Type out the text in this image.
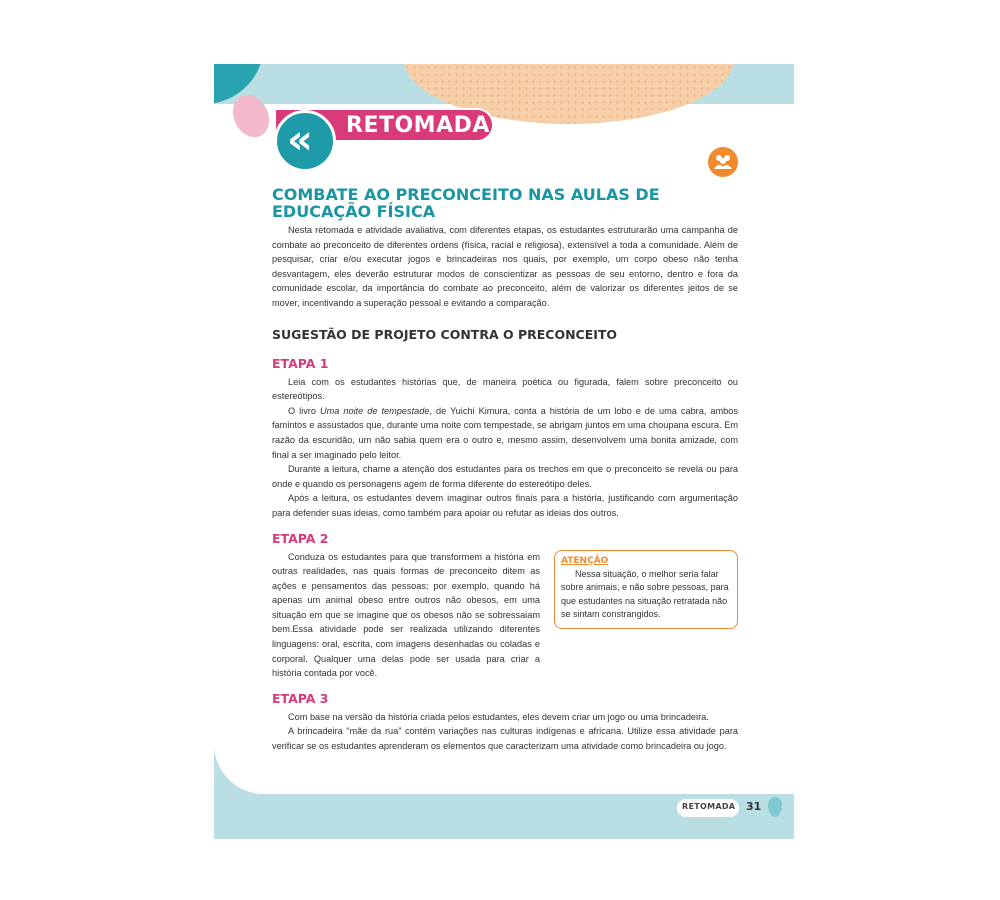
RETOMADA
«
COMBATE AO PRECONCEITO NAS AULAS DE EDUCAÇÃO FÍSICA

Nesta retomada e atividade avaliativa, com diferentes etapas, os estudantes estruturarão uma campanha de combate ao preconceito de diferentes ordens (física, racial e religiosa), extensível a toda a comunidade. Além de pesquisar, criar e/ou executar jogos e brincadeiras nos quais, por exemplo, um corpo obeso não tenha desvantagem, eles deverão estruturar modos de conscientizar as pessoas de seu entorno, dentro e fora da comunidade escolar, da importância do combate ao preconceito, além de valorizar os diferentes jeitos de se mover, incentivando a superação pessoal e evitando a comparação.

SUGESTÃO DE PROJETO CONTRA O PRECONCEITO
ETAPA 1

Leia com os estudantes histórias que, de maneira poética ou figurada, falem sobre preconceito ou estereótipos.

O livro Uma noite de tempestade, de Yuichi Kimura, conta a história de um lobo e de uma cabra, ambos famintos e assustados que, durante uma noite com tempestade, se abrigam juntos em uma choupana escura. Em razão da escuridão, um não sabia quem era o outro e, mesmo assim, desenvolvem uma bonita amizade, com final a ser imaginado pelo leitor.

Durante a leitura, chame a atenção dos estudantes para os trechos em que o preconceito se revela ou para onde e quando os personagens agem de forma diferente do estereótipo deles.

Após a leitura, os estudantes devem imaginar outros finais para a história, justificando com argumentação para defender suas ideias, como também para apoiar ou refutar as ideias dos outros.

ETAPA 2

Conduza os estudantes para que transformem a história em outras realidades, nas quais formas de preconceito ditem as ações e pensamentos das pessoas; por exemplo, quando há apenas um animal obeso entre outros não obesos, em uma situação em que se imagine que os obesos não se sobressaiam bem.Essa atividade pode ser realizada utilizando diferentes linguagens: oral, escrita, com imagens desenhadas ou coladas e corporal. Qualquer uma delas pode ser usada para criar a história contada por você.

ATENÇÃO

Nessa situação, o melhor seria falar sobre animais, e não sobre pessoas, para que estudantes na situação retratada não se sintam constrangidos.

ETAPA 3

Com base na versão da história criada pelos estudantes, eles devem criar um jogo ou uma brincadeira.

A brincadeira “mãe da rua” contém variações nas culturas indígenas e africana. Utilize essa atividade para verificar se os estudantes aprenderam os elementos que caracterizam uma atividade como brincadeira ou jogo.

RETOMADA 31
